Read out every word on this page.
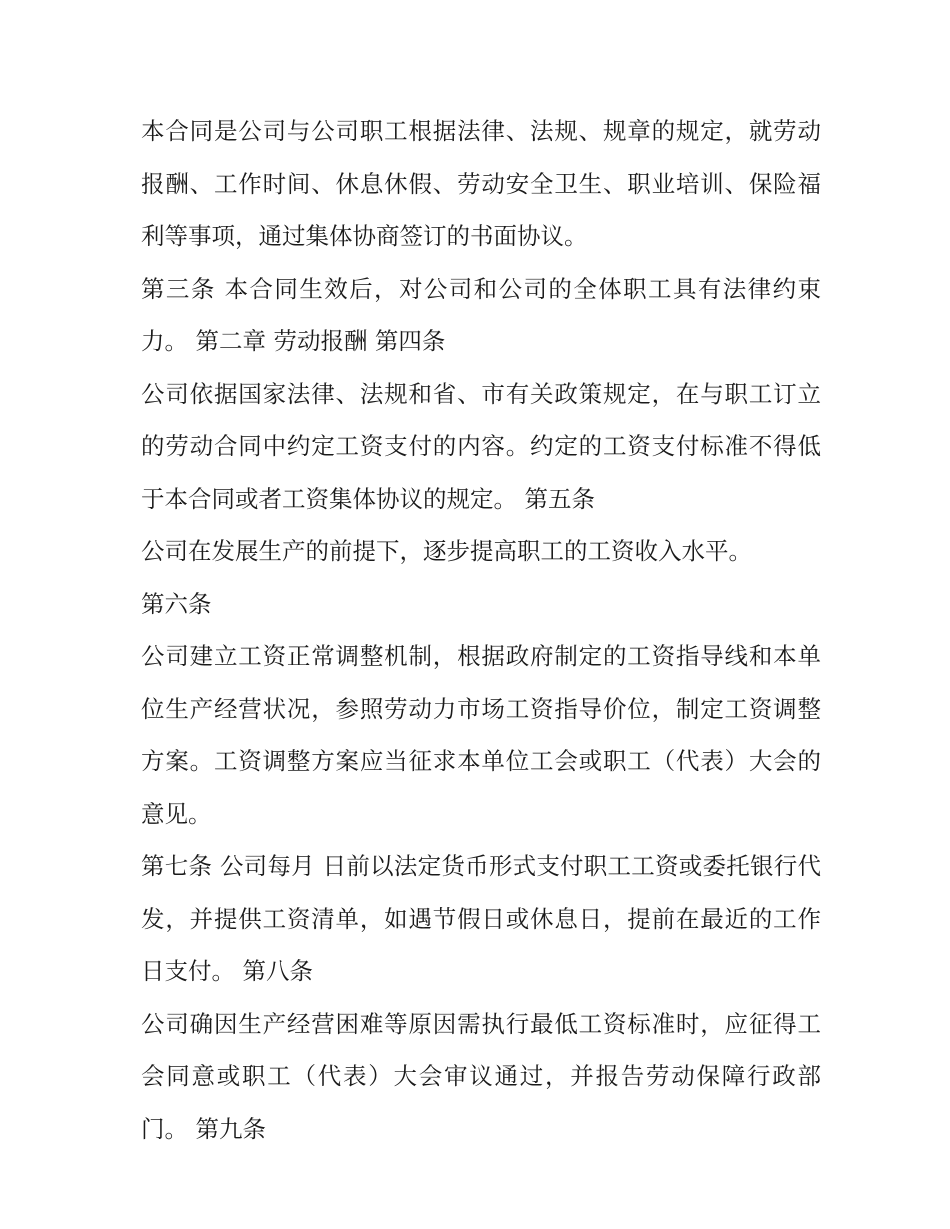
本合同是公司与公司职工根据法律、法规、规章的规定，就劳动报酬、工作时间、休息休假、劳动安全卫生、职业培训、保险福利等事项，通过集体协商签订的书面协议。

第三条 本合同生效后，对公司和公司的全体职工具有法律约束力。 第二章 劳动报酬 第四条

公司依据国家法律、法规和省、市有关政策规定，在与职工订立的劳动合同中约定工资支付的内容。约定的工资支付标准不得低于本合同或者工资集体协议的规定。 第五条

公司在发展生产的前提下，逐步提高职工的工资收入水平。

第六条

公司建立工资正常调整机制，根据政府制定的工资指导线和本单位生产经营状况，参照劳动力市场工资指导价位，制定工资调整方案。工资调整方案应当征求本单位工会或职工（代表）大会的意见。

第七条 公司每月 日前以法定货币形式支付职工工资或委托银行代发，并提供工资清单，如遇节假日或休息日，提前在最近的工作日支付。 第八条

公司确因生产经营困难等原因需执行最低工资标准时，应征得工会同意或职工（代表）大会审议通过，并报告劳动保障行政部门。 第九条
